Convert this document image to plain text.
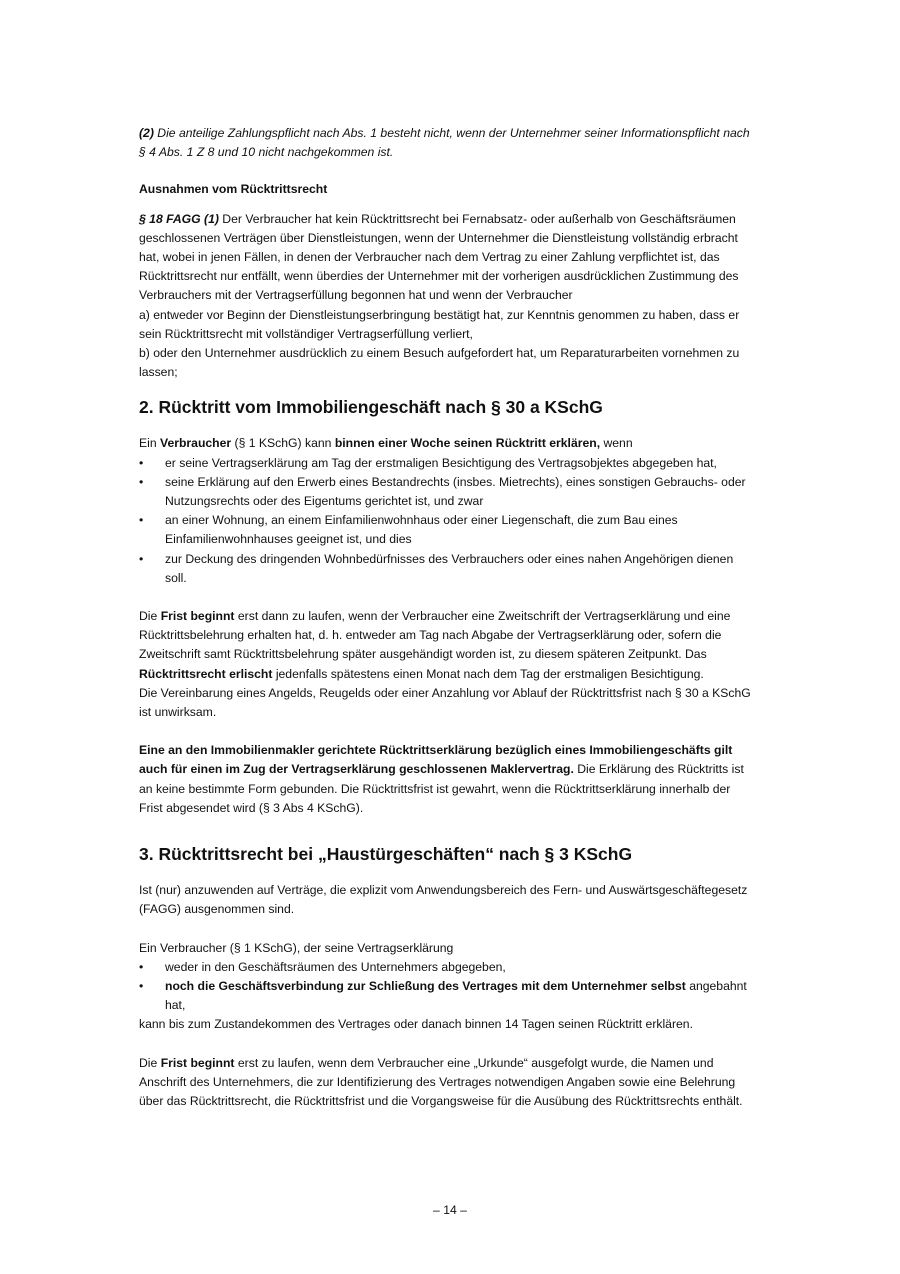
(2) Die anteilige Zahlungspflicht nach Abs. 1 besteht nicht, wenn der Unternehmer seiner Informationspflicht nach § 4 Abs. 1 Z 8 und 10 nicht nachgekommen ist.

Ausnahmen vom Rücktrittsrecht

§ 18 FAGG (1) Der Verbraucher hat kein Rücktrittsrecht bei Fernabsatz- oder außerhalb von Geschäftsräumen geschlossenen Verträgen über Dienstleistungen, wenn der Unternehmer die Dienstleistung vollständig erbracht hat, wobei in jenen Fällen, in denen der Verbraucher nach dem Vertrag zu einer Zahlung verpflichtet ist, das Rücktrittsrecht nur entfällt, wenn überdies der Unternehmer mit der vorherigen ausdrücklichen Zustimmung des Verbrauchers mit der Vertragserfüllung begonnen hat und wenn der Verbraucher

a) entweder vor Beginn der Dienstleistungserbringung bestätigt hat, zur Kenntnis genommen zu haben, dass er sein Rücktrittsrecht mit vollständiger Vertragserfüllung verliert,

b) oder den Unternehmer ausdrücklich zu einem Besuch aufgefordert hat, um Reparaturarbeiten vornehmen zu lassen;

2. Rücktritt vom Immobiliengeschäft nach § 30 a KSchG

Ein Verbraucher (§ 1 KSchG) kann binnen einer Woche seinen Rücktritt erklären, wenn

• er seine Vertragserklärung am Tag der erstmaligen Besichtigung des Vertragsobjektes abgegeben hat,
• seine Erklärung auf den Erwerb eines Bestandrechts (insbes. Mietrechts), eines sonstigen Gebrauchs- oder Nutzungsrechts oder des Eigentums gerichtet ist, und zwar
• an einer Wohnung, an einem Einfamilienwohnhaus oder einer Liegenschaft, die zum Bau eines Einfamilienwohnhauses geeignet ist, und dies
• zur Deckung des dringenden Wohnbedürfnisses des Verbrauchers oder eines nahen Angehörigen dienen soll.

Die Frist beginnt erst dann zu laufen, wenn der Verbraucher eine Zweitschrift der Vertragserklärung und eine Rücktrittsbelehrung erhalten hat, d. h. entweder am Tag nach Abgabe der Vertragserklärung oder, sofern die Zweitschrift samt Rücktrittsbelehrung später ausgehändigt worden ist, zu diesem späteren Zeitpunkt. Das Rücktrittsrecht erlischt jedenfalls spätestens einen Monat nach dem Tag der erstmaligen Besichtigung.

Die Vereinbarung eines Angelds, Reugelds oder einer Anzahlung vor Ablauf der Rücktrittsfrist nach § 30 a KSchG ist unwirksam.

Eine an den Immobilienmakler gerichtete Rücktrittserklärung bezüglich eines Immobiliengeschäfts gilt auch für einen im Zug der Vertragserklärung geschlossenen Maklervertrag. Die Erklärung des Rücktritts ist an keine bestimmte Form gebunden. Die Rücktrittsfrist ist gewahrt, wenn die Rücktrittserklärung innerhalb der Frist abgesendet wird (§ 3 Abs 4 KSchG).

3. Rücktrittsrecht bei „Haustürgeschäften“ nach § 3 KSchG

Ist (nur) anzuwenden auf Verträge, die explizit vom Anwendungsbereich des Fern- und Auswärtsgeschäftegesetz (FAGG) ausgenommen sind.

Ein Verbraucher (§ 1 KSchG), der seine Vertragserklärung

• weder in den Geschäftsräumen des Unternehmers abgegeben,
• noch die Geschäftsverbindung zur Schließung des Vertrages mit dem Unternehmer selbst angebahnt hat,

kann bis zum Zustandekommen des Vertrages oder danach binnen 14 Tagen seinen Rücktritt erklären.

Die Frist beginnt erst zu laufen, wenn dem Verbraucher eine „Urkunde“ ausgefolgt wurde, die Namen und Anschrift des Unternehmers, die zur Identifizierung des Vertrages notwendigen Angaben sowie eine Belehrung über das Rücktrittsrecht, die Rücktrittsfrist und die Vorgangsweise für die Ausübung des Rücktrittsrechts enthält.

– 14 –
